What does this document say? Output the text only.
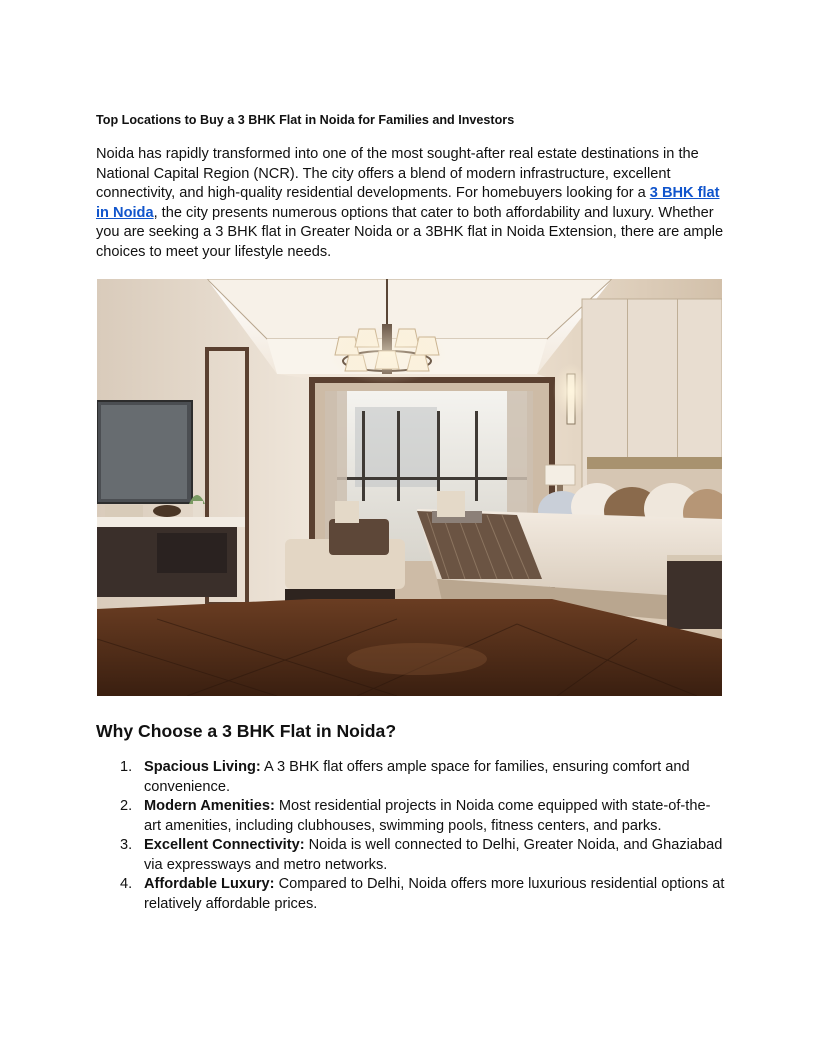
Top Locations to Buy a 3 BHK Flat in Noida for Families and Investors

Noida has rapidly transformed into one of the most sought-after real estate destinations in the National Capital Region (NCR). The city offers a blend of modern infrastructure, excellent connectivity, and high-quality residential developments. For homebuyers looking for a 3 BHK flat in Noida, the city presents numerous options that cater to both affordability and luxury. Whether you are seeking a 3 BHK flat in Greater Noida or a 3BHK flat in Noida Extension, there are ample choices to meet your lifestyle needs.

Why Choose a 3 BHK Flat in Noida?
1. Spacious Living: A 3 BHK flat offers ample space for families, ensuring comfort and convenience.
2. Modern Amenities: Most residential projects in Noida come equipped with state-of-the-art amenities, including clubhouses, swimming pools, fitness centers, and parks.
3. Excellent Connectivity: Noida is well connected to Delhi, Greater Noida, and Ghaziabad via expressways and metro networks.
4. Affordable Luxury: Compared to Delhi, Noida offers more luxurious residential options at relatively affordable prices.
